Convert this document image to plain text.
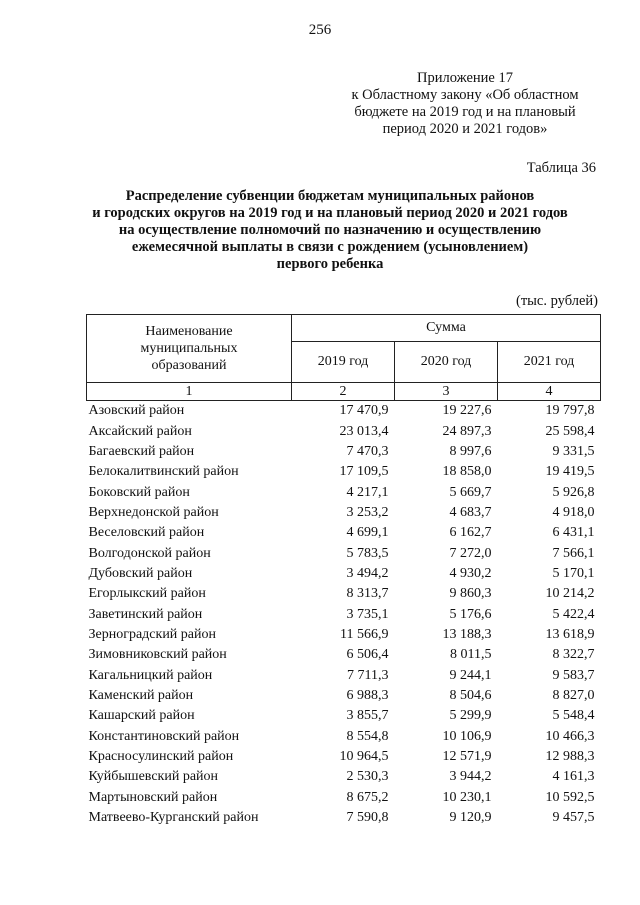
256
Приложение 17
к Областному закону «Об областном
бюджете на 2019 год и на плановый
период 2020 и 2021 годов»
Таблица 36
Распределение субвенции бюджетам муниципальных районов
и городских округов на 2019 год и на плановый период 2020 и 2021 годов
на осуществление полномочий по назначению и осуществлению
ежемесячной выплаты в связи с рождением (усыновлением)
первого ребенка
(тыс. рублей)
Наименование
муниципальных
образований	Сумма		
	2019 год	2020 год	2021 год
1	2	3	4
Азовский район	17 470,9	19 227,6	19 797,8
Аксайский район	23 013,4	24 897,3	25 598,4
Багаевский район	7 470,3	8 997,6	9 331,5
Белокалитвинский район	17 109,5	18 858,0	19 419,5
Боковский район	4 217,1	5 669,7	5 926,8
Верхнедонской район	3 253,2	4 683,7	4 918,0
Веселовский район	4 699,1	6 162,7	6 431,1
Волгодонской район	5 783,5	7 272,0	7 566,1
Дубовский район	3 494,2	4 930,2	5 170,1
Егорлыкский район	8 313,7	9 860,3	10 214,2
Заветинский район	3 735,1	5 176,6	5 422,4
Зерноградский район	11 566,9	13 188,3	13 618,9
Зимовниковский район	6 506,4	8 011,5	8 322,7
Кагальницкий район	7 711,3	9 244,1	9 583,7
Каменский район	6 988,3	8 504,6	8 827,0
Кашарский район	3 855,7	5 299,9	5 548,4
Константиновский район	8 554,8	10 106,9	10 466,3
Красносулинский район	10 964,5	12 571,9	12 988,3
Куйбышевский район	2 530,3	3 944,2	4 161,3
Мартыновский район	8 675,2	10 230,1	10 592,5
Матвеево-Курганский район	7 590,8	9 120,9	9 457,5
